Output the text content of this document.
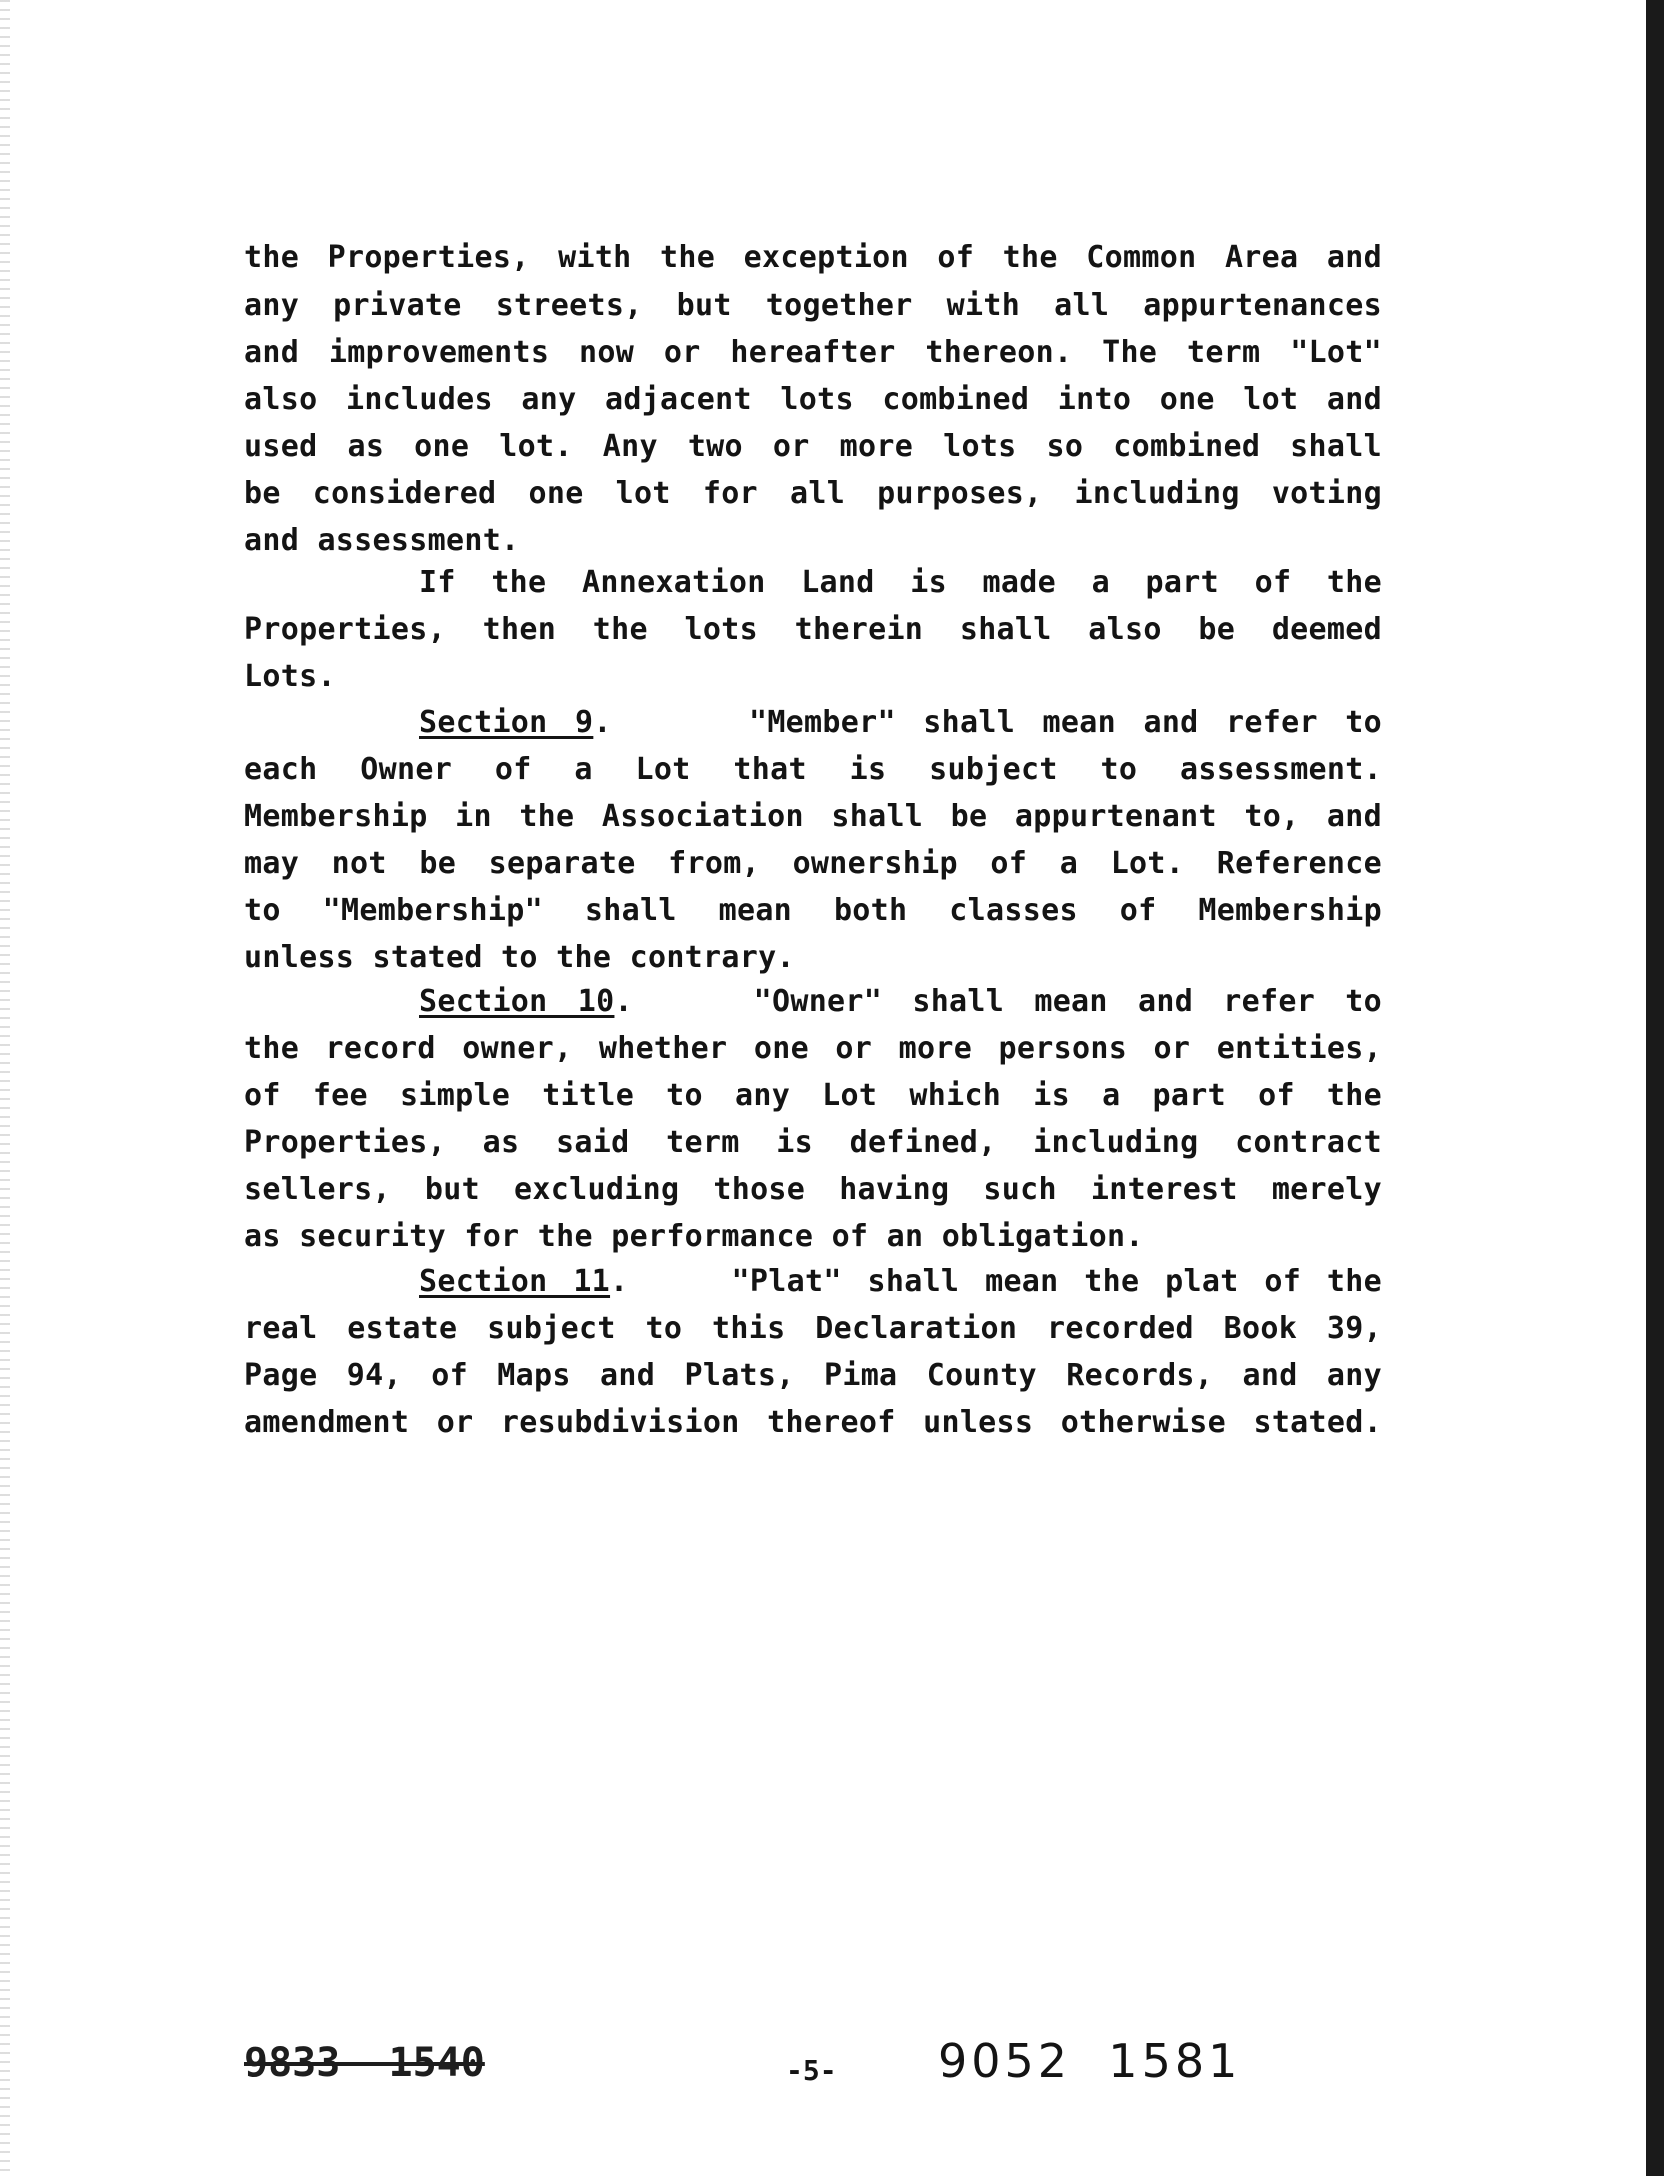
the Properties, with the exception of the Common Area and
any private streets, but together with all appurtenances
and improvements now or hereafter thereon. The term "Lot"
also includes any adjacent lots combined into one lot and
used as one lot. Any two or more lots so combined shall
be considered one lot for all purposes, including voting
and assessment.
If the Annexation Land is made a part of the
Properties, then the lots therein shall also be deemed
Lots.
Section 9.     "Member" shall mean and refer to
each Owner of a Lot that is subject to assessment.
Membership in the Association shall be appurtenant to, and
may not be separate from, ownership of a Lot. Reference
to "Membership" shall mean both classes of Membership
unless stated to the contrary.
Section 10.    "Owner" shall mean and refer to
the record owner, whether one or more persons or entities,
of fee simple title to any Lot which is a part of the
Properties, as said term is defined, including contract
sellers, but excluding those having such interest merely
as security for the performance of an obligation.
Section 11.    "Plat" shall mean the plat of the
real estate subject to this Declaration recorded Book 39,
Page 94, of Maps and Plats, Pima County Records, and any
amendment or resubdivision thereof unless otherwise stated.
9833  1540	-5- 9052  1581
